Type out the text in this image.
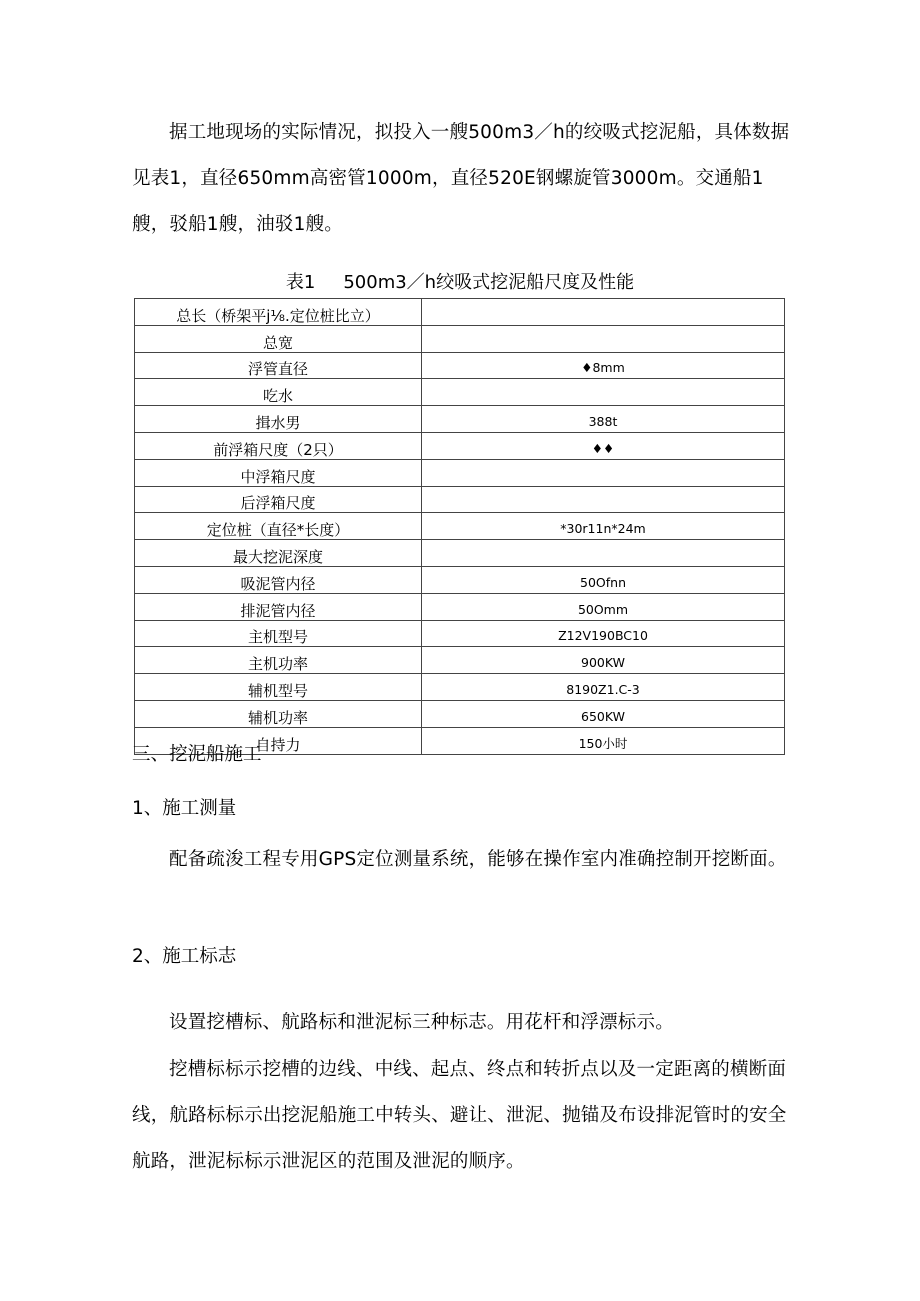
据工地现场的实际情况，拟投入一艘500m3／h的绞吸式挖泥船，具体数据见表1，直径650mm高密管1000m，直径520E钢螺旋管3000m。交通船1艘，驳船1艘，油驳1艘。

表1 500m3／h绞吸式挖泥船尺度及性能

总长（桥架平j⅛.定位桩比立）	
总宽	
浮管直径	♦8mm
吃水	
揖水男	388t
前浮箱尺度（2只）	♦♦
中浮箱尺度	
后浮箱尺度	
定位桩（直径*长度）	*30r11n*24m
最大挖泥深度	
吸泥管内径	50Ofnn
排泥管内径	50Omm
主机型号	Z12V190BC10
主机功率	900KW
辅机型号	8190Z1.C-3
辅机功率	650KW
自持力	150小时

三、挖泥船施工

1、施工测量

配备疏浚工程专用GPS定位测量系统，能够在操作室内准确控制开挖断面。

2、施工标志

设置挖槽标、航路标和泄泥标三种标志。用花杆和浮漂标示。

挖槽标标示挖槽的边线、中线、起点、终点和转折点以及一定距离的横断面线，航路标标示出挖泥船施工中转头、避让、泄泥、抛锚及布设排泥管时的安全航路，泄泥标标示泄泥区的范围及泄泥的顺序。
